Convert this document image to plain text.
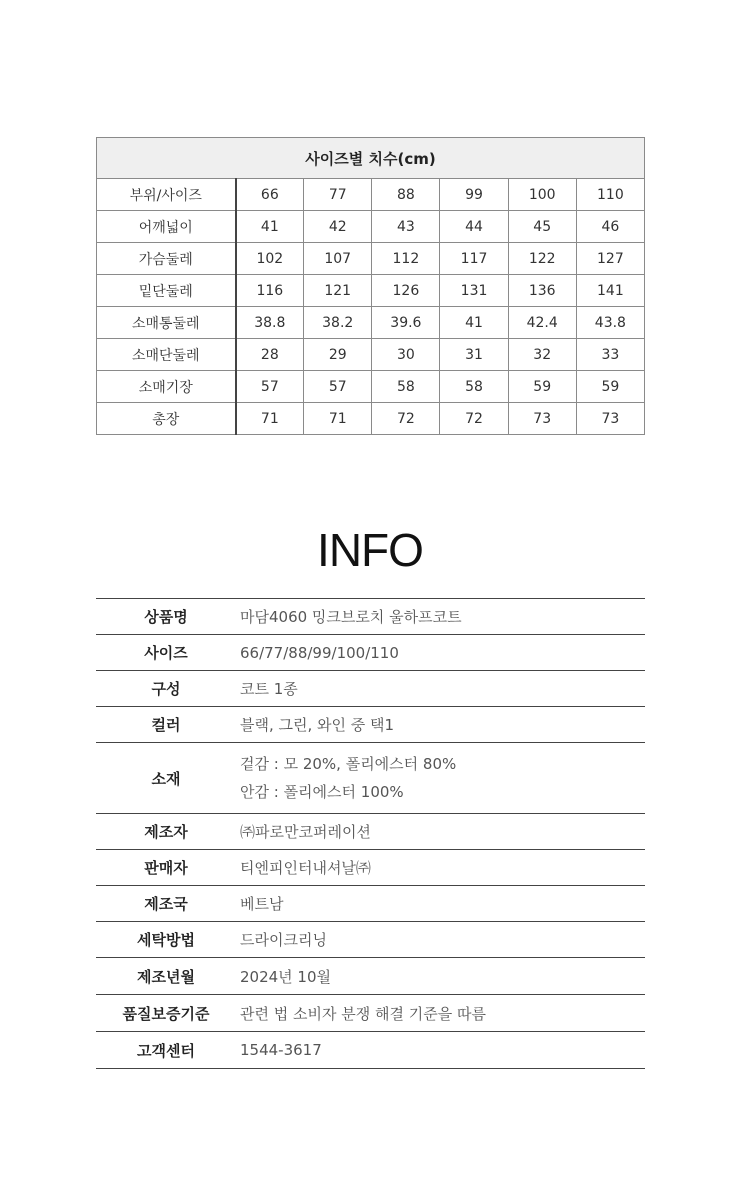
사이즈별 치수(cm)						
부위/사이즈	66	77	88	99	100	110
어깨넓이	41	42	43	44	45	46
가슴둘레	102	107	112	117	122	127
밑단둘레	116	121	126	131	136	141
소매통둘레	38.8	38.2	39.6	41	42.4	43.8
소매단둘레	28	29	30	31	32	33
소매기장	57	57	58	58	59	59
총장	71	71	72	72	73	73
INFO
상품명	마담4060 밍크브로치 울하프코트
사이즈	66/77/88/99/100/110
구성	코트 1종
컬러	블랙, 그린, 와인 중 택1
소재	겉감 : 모 20%, 폴리에스터 80%
안감 : 폴리에스터 100%

제조자	㈜파로만코퍼레이션
판매자	티엔피인터내셔날㈜
제조국	베트남
세탁방법	드라이크리닝
제조년월	2024년 10월
품질보증기준	관련 법 소비자 분쟁 해결 기준을 따름
고객센터	1544-3617
